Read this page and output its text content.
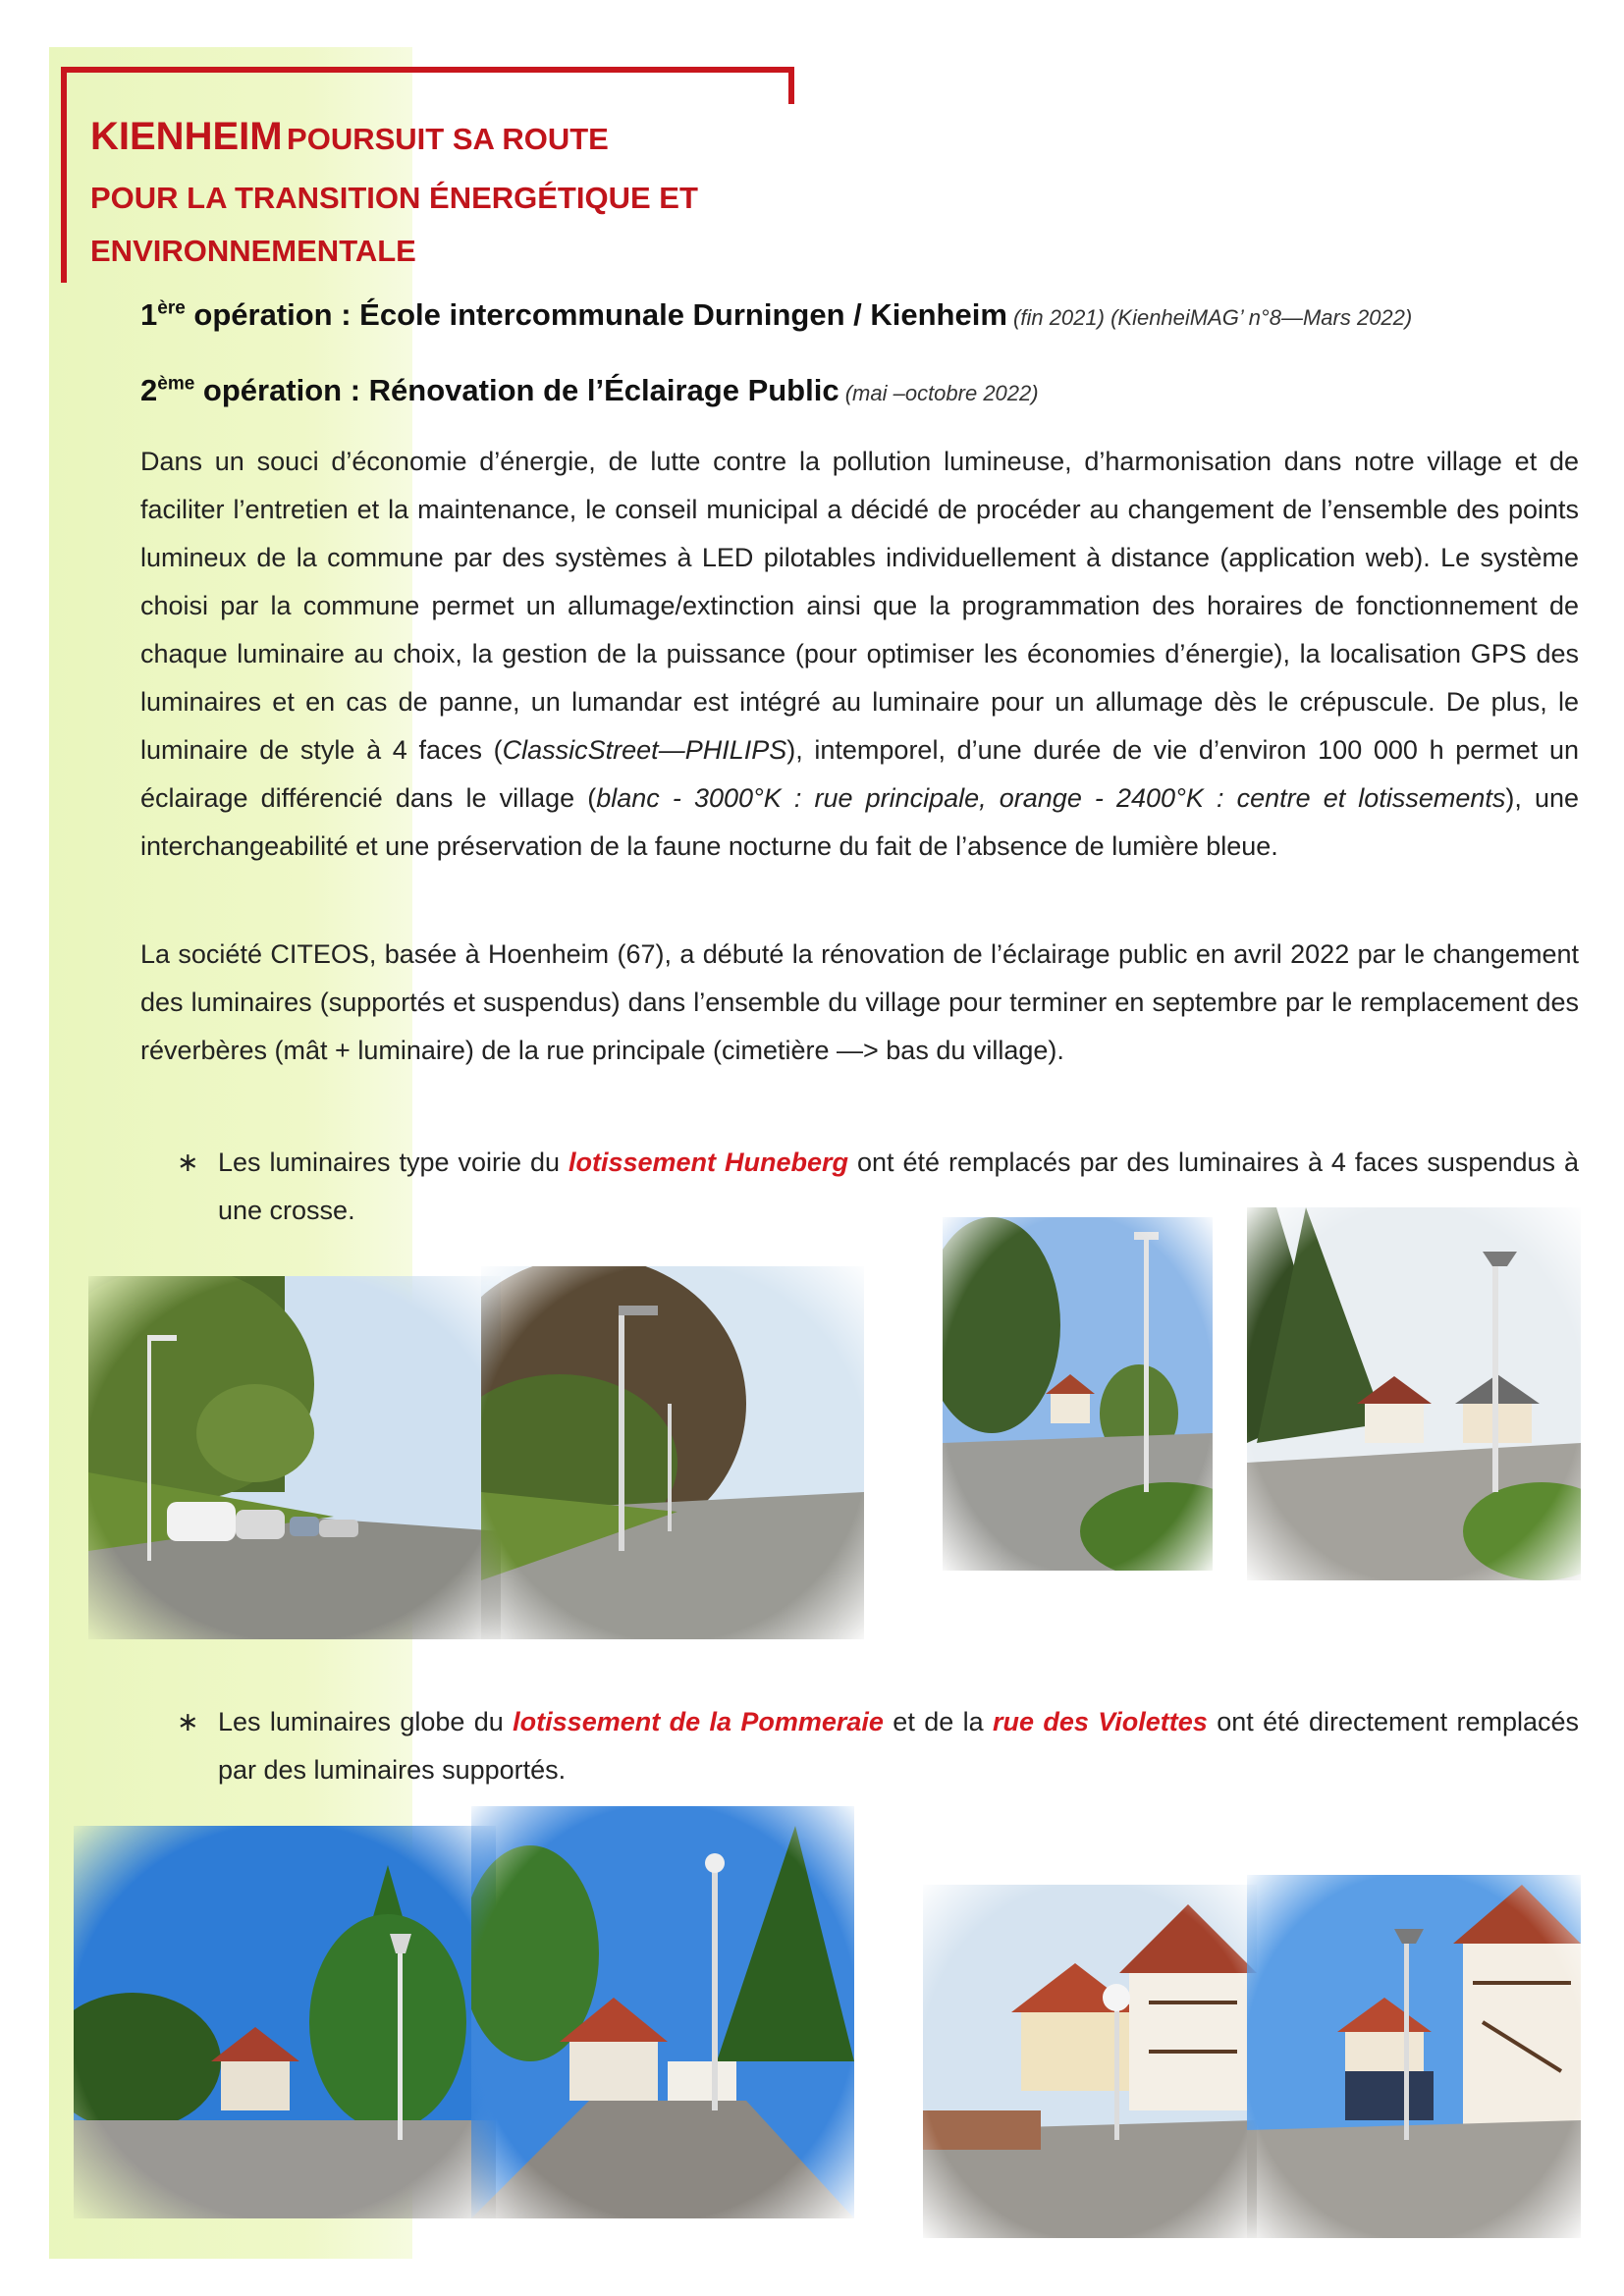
KIENHEIM POURSUIT SA ROUTE
POUR LA TRANSITION ÉNERGÉTIQUE ET
ENVIRONNEMENTALE
1ère opération : École intercommunale Durningen / Kienheim (fin 2021) (KienheiMAG’ n°8—Mars 2022)
2ème opération : Rénovation de l’Éclairage Public (mai –octobre 2022)
Dans un souci d’économie d’énergie, de lutte contre la pollution lumineuse, d’harmonisation dans notre village et de faciliter l’entretien et la maintenance, le conseil municipal a décidé de procéder au changement de l’ensemble des points lumineux de la commune par des systèmes à LED pilotables individuellement à distance (application web). Le système choisi par la commune permet un allumage/extinction ainsi que la programmation des horaires de fonctionnement de chaque luminaire au choix, la gestion de la puissance (pour optimiser les économies d’énergie), la localisation GPS des luminaires et en cas de panne, un lumandar est intégré au luminaire pour un allumage dès le crépuscule. De plus, le luminaire de style à 4 faces (ClassicStreet—PHILIPS), intemporel, d’une durée de vie d’environ 100 000 h permet un éclairage différencié dans le village (blanc - 3000°K : rue principale, orange - 2400°K : centre et lotissements), une interchangeabilité et une préservation de la faune nocturne du fait de l’absence de lumière bleue.
La société CITEOS, basée à Hoenheim (67), a débuté la rénovation de l’éclairage public en avril 2022 par le changement des luminaires (supportés et suspendus) dans l’ensemble du village pour terminer en septembre par le remplacement des réverbères (mât + luminaire) de la rue principale (cimetière —> bas du village).
∗ Les luminaires type voirie du lotissement Huneberg ont été remplacés par des luminaires à 4 faces suspendus à une crosse.
∗ Les luminaires globe du lotissement de la Pommeraie et de la rue des Violettes ont été directement remplacés par des luminaires supportés.
